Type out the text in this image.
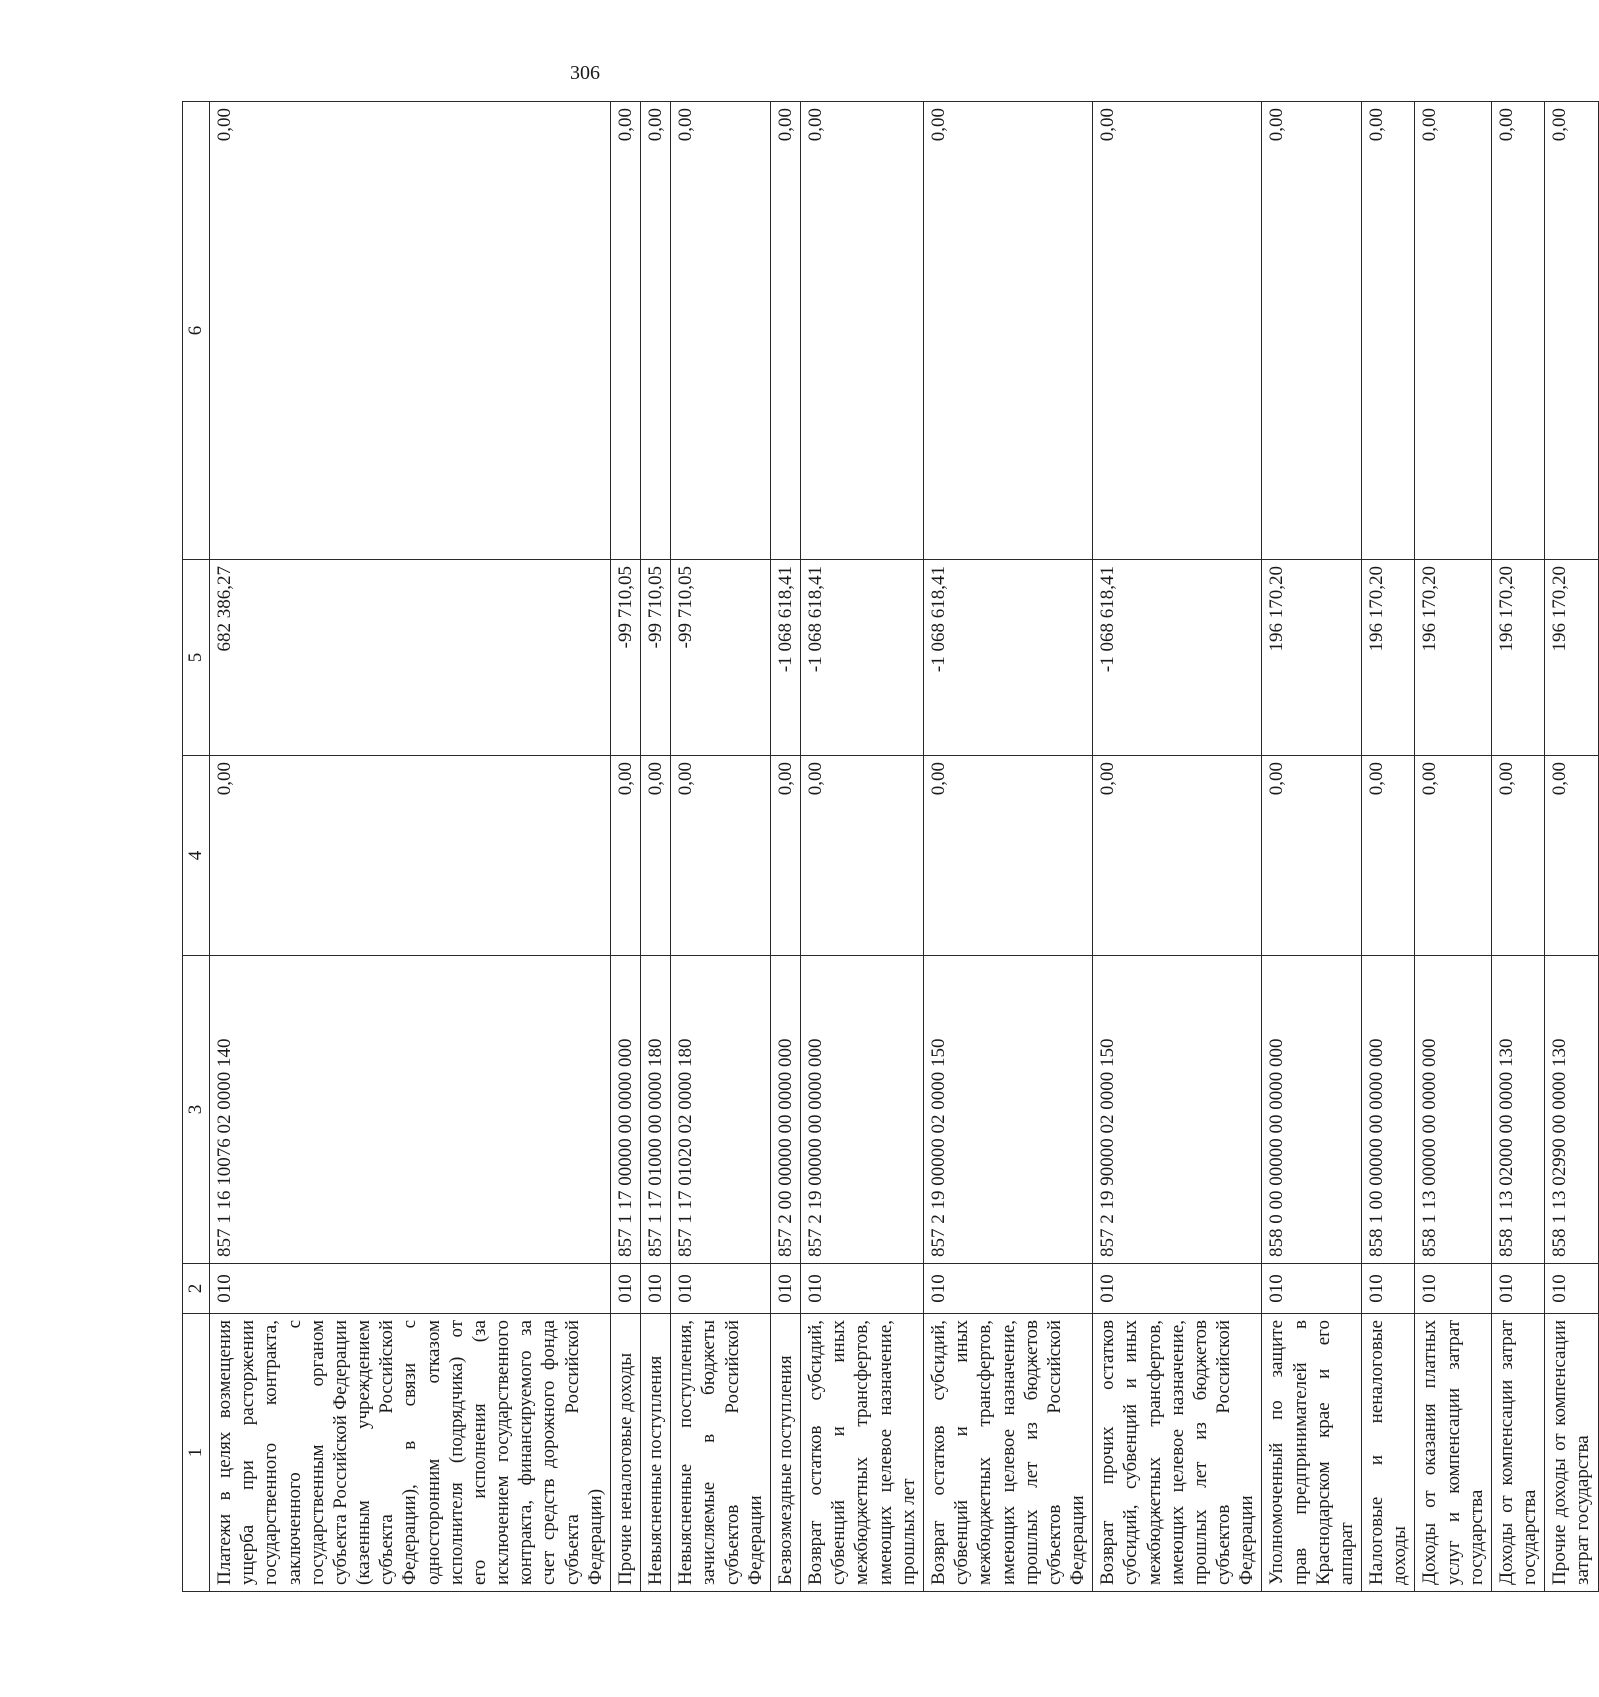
306
1	2	3	4	5	6
Платежи в целях возмещения ущерба при расторжении государственного контракта, заключенного с государственным органом субъекта Российской Федерации (казенным учреждением субъекта Российской Федерации), в связи с односторонним отказом исполнителя (подрядчика) от его исполнения (за исключением государственного контракта, финансируемого за счет средств дорожного фонда субъекта Российской Федерации)	010	857 1 16 10076 02 0000 140	0,00	682 386,27	0,00
Прочие неналоговые доходы	010	857 1 17 00000 00 0000 000	0,00	-99 710,05	0,00
Невыясненные поступления	010	857 1 17 01000 00 0000 180	0,00	-99 710,05	0,00
Невыясненные поступления, зачисляемые в бюджеты субъектов Российской Федерации	010	857 1 17 01020 02 0000 180	0,00	-99 710,05	0,00
Безвозмездные поступления	010	857 2 00 00000 00 0000 000	0,00	-1 068 618,41	0,00
Возврат остатков субсидий, субвенций и иных межбюджетных трансфертов, имеющих целевое назначение, прошлых лет	010	857 2 19 00000 00 0000 000	0,00	-1 068 618,41	0,00
Возврат остатков субсидий, субвенций и иных межбюджетных трансфертов, имеющих целевое назначение, прошлых лет из бюджетов субъектов Российской Федерации	010	857 2 19 00000 02 0000 150	0,00	-1 068 618,41	0,00
Возврат прочих остатков субсидий, субвенций и иных межбюджетных трансфертов, имеющих целевое назначение, прошлых лет из бюджетов субъектов Российской Федерации	010	857 2 19 90000 02 0000 150	0,00	-1 068 618,41	0,00
Уполномоченный по защите прав предпринимателей в Краснодарском крае и его аппарат	010	858 0 00 00000 00 0000 000	0,00	196 170,20	0,00
Налоговые и неналоговые доходы	010	858 1 00 00000 00 0000 000	0,00	196 170,20	0,00
Доходы от оказания платных услуг и компенсации затрат государства	010	858 1 13 00000 00 0000 000	0,00	196 170,20	0,00
Доходы от компенсации затрат государства	010	858 1 13 02000 00 0000 130	0,00	196 170,20	0,00
Прочие доходы от компенсации затрат государства	010	858 1 13 02990 00 0000 130	0,00	196 170,20	0,00
